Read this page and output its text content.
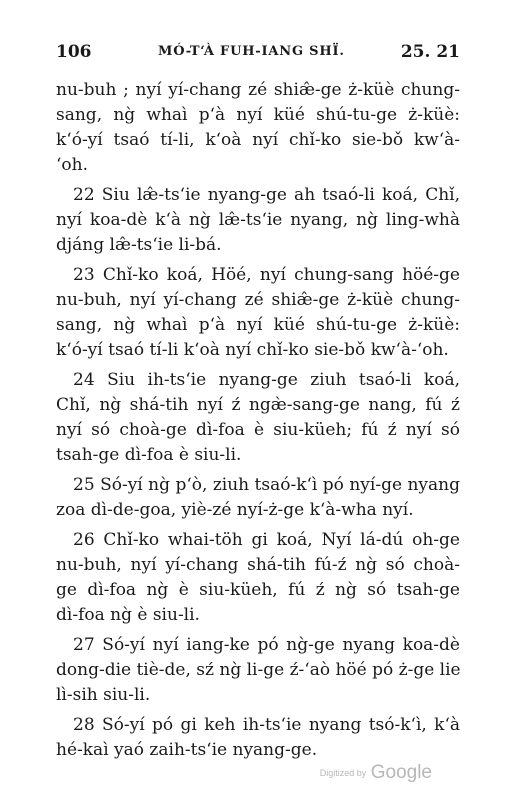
106	MÓ-T‘À FUH-IANG SHÏ.	25. 21
nu-buh ; nyí yí-chang zé shiæ̂-ge ż-küè chung-
sang, ng̀ whaì p‘à nyí küé shú-tu-ge ż-küè:
k‘ó-yí tsaó tí-li, k‘oà nyí chǐ-ko sie-bǒ kw‘à-
‘oh.
22 Siu læ̂-ts‘ie nyang-ge ah tsaó-li koá, Chǐ,
nyí koa-dè k‘à ng̀ læ̂-ts‘ie nyang, ng̀ ling-whà
djáng læ̂-ts‘ie li-bá.
23 Chǐ-ko koá, Höé, nyí chung-sang höé-ge
nu-buh, nyí yí-chang zé shiæ̂-ge ż-küè chung-
sang, ng̀ whaì p‘à nyí küé shú-tu-ge ż-küè:
k‘ó-yí tsaó tí-li k‘oà nyí chǐ-ko sie-bǒ kw‘à-‘oh.
24 Siu ih-ts‘ie nyang-ge ziuh tsaó-li koá,
Chǐ, ng̀ shá-tih nyí ź ngæ̀-sang-ge nang, fú ź
nyí só choà-ge dì-foa è siu-küeh; fú ź nyí só
tsah-ge dì-foa è siu-li.
25 Só-yí ng̀ p‘ò, ziuh tsaó-k‘ì pó nyí-ge nyang
zoa dì-de-goa, yiè-zé nyí-ż-ge k‘à-wha nyí.
26 Chǐ-ko whai-töh gi koá, Nyí lá-dú oh-ge
nu-buh, nyí yí-chang shá-tih fú-ź ng̀ só choà-
ge dì-foa ng̀ è siu-küeh, fú ź ng̀ só tsah-ge
dì-foa ng̀ è siu-li.
27 Só-yí nyí iang-ke pó ng̀-ge nyang koa-dè
dong-die tiè-de, sź ng̀ li-ge ź-‘aò höé pó ż-ge lie
lì-sih siu-li.
28 Só-yí pó gi keh ih-ts‘ie nyang tsó-k‘ì, k‘à
hé-kaì yaó zaih-ts‘ie nyang-ge.
Digitized by Google
